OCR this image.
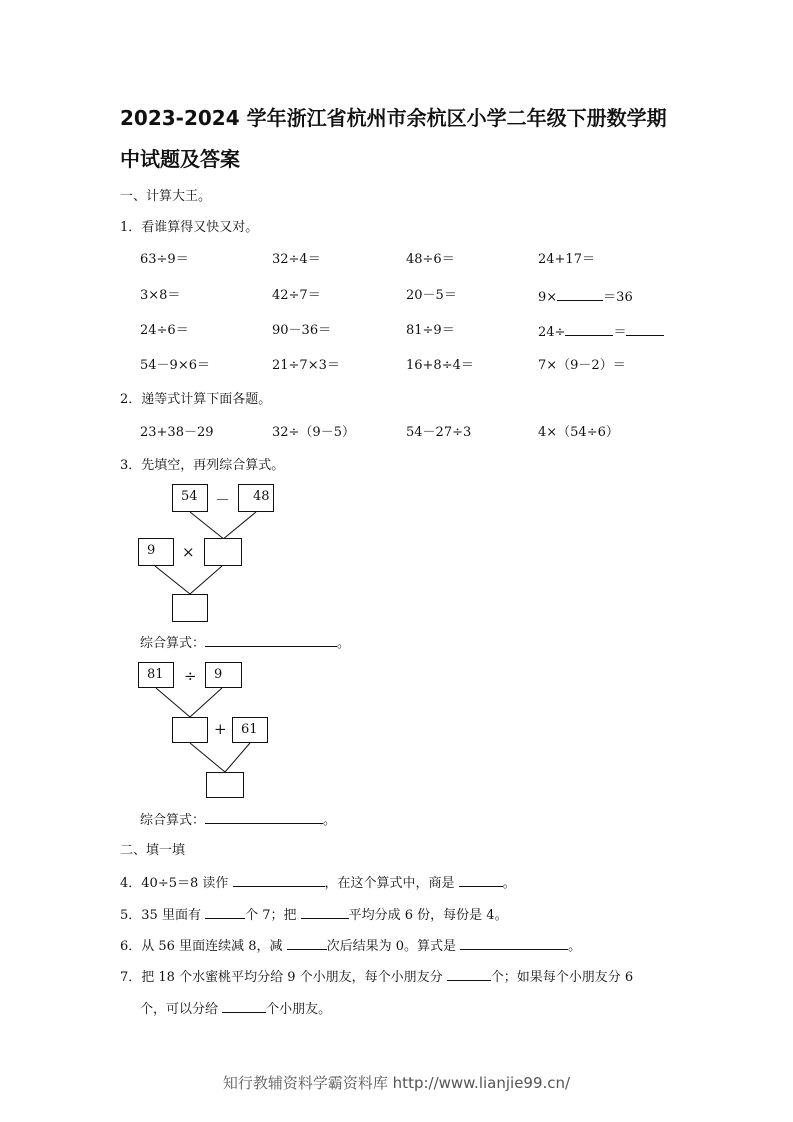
2023-2024 学年浙江省杭州市余杭区小学二年级下册数学期
中试题及答案
一、计算大王。
1．看谁算得又快又对。
63÷9＝	32÷4＝	48÷6＝	24+17＝
3×8＝	42÷7＝	20－5＝	9×	＝36
24÷6＝	90－36＝	81÷9＝	24÷	＝
54－9×6＝	21÷7×3＝	16+8÷4＝	7×（9－2）＝
2．递等式计算下面各题。
23+38－29	32÷（9－5）	54－27÷3	4×（54÷6）
3．先填空，再列综合算式。
54 － 48
9 ×
综合算式：	。
81 ÷ 9
+ 61
综合算式：	。
二、填一填
4．40÷5＝8 读作	，在这个算式中，商是	。
5．35 里面有	个 7；把	平均分成 6 份，每份是 4。
6．从 56 里面连续减 8，减	次后结果为 0。算式是	。
7．把 18 个水蜜桃平均分给 9 个小朋友，每个小朋友分	个；如果每个小朋友分 6
个，可以分给	个小朋友。
知行教辅资料学霸资料库 http://www.lianjie99.cn/
